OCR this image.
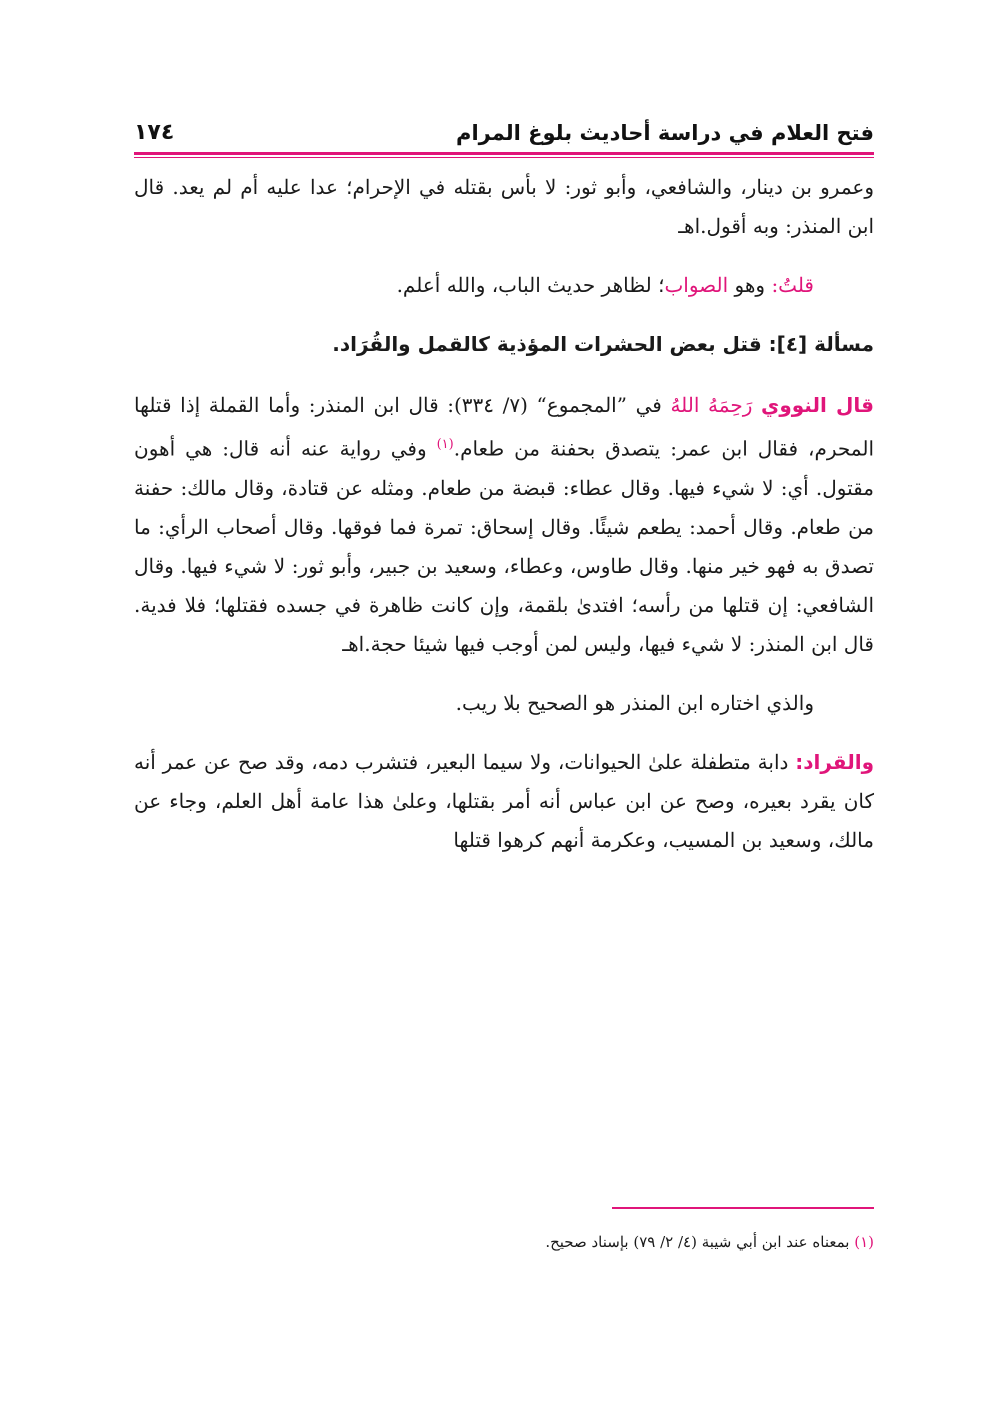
فتح العلام في دراسة أحاديث بلوغ المرام
١٧٤

وعمرو بن دينار، والشافعي، وأبو ثور: لا بأس بقتله في الإحرام؛ عدا عليه أم لم يعد. قال ابن المنذر: وبه أقول.اهـ

قلتُ: وهو الصواب؛ لظاهر حديث الباب، والله أعلم.

مسألة [٤]: قتل بعض الحشرات المؤذية كالقمل والقُرَاد.

قال النووي رَحِمَهُ اللهُ في ”المجموع“ (٧/ ٣٣٤): قال ابن المنذر: وأما القملة إذا قتلها المحرم، فقال ابن عمر: يتصدق بحفنة من طعام.$^{(١)}$ وفي رواية عنه أنه قال: هي أهون مقتول. أي: لا شيء فيها. وقال عطاء: قبضة من طعام. ومثله عن قتادة، وقال مالك: حفنة من طعام. وقال أحمد: يطعم شيئًا. وقال إسحاق: تمرة فما فوقها. وقال أصحاب الرأي: ما تصدق به فهو خير منها. وقال طاوس، وعطاء، وسعيد بن جبير، وأبو ثور: لا شيء فيها. وقال الشافعي: إن قتلها من رأسه؛ افتدىٰ بلقمة، وإن كانت ظاهرة في جسده فقتلها؛ فلا فدية. قال ابن المنذر: لا شيء فيها، وليس لمن أوجب فيها شيئا حجة.اهـ

والذي اختاره ابن المنذر هو الصحيح بلا ريب.

والقراد: دابة متطفلة علىٰ الحيوانات، ولا سيما البعير، فتشرب دمه، وقد صح عن عمر أنه كان يقرد بعيره، وصح عن ابن عباس أنه أمر بقتلها، وعلىٰ هذا عامة أهل العلم، وجاء عن مالك، وسعيد بن المسيب، وعكرمة أنهم كرهوا قتلها

(١) بمعناه عند ابن أبي شيبة (٤/ ٢/ ٧٩) بإسناد صحيح.
